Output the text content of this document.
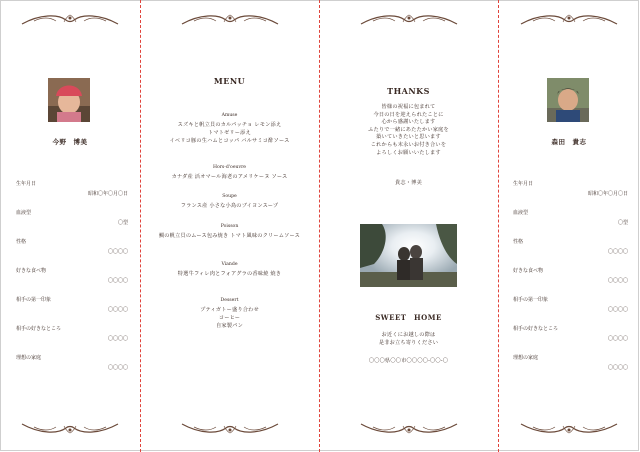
今野　博美
生年月日
昭和〇年〇月〇日
血液型
〇型
性格
〇〇〇〇
好きな食べ物
〇〇〇〇
相手の第一印象
〇〇〇〇
相手の好きなところ
〇〇〇〇
理想の家庭
〇〇〇〇
MENU
Amuse
スズキと帆立貝のカルパッチョ レモン添え
トマトゼリー添え
イベリコ豚の生ハムとコッパ バルサミコ酢ソース
Hors-d'oeuvre
カナダ産 活オマール海老のアメリケーヌ ソース
Soupe
フランス産 小さな小鳥のブイヨンスープ
Poisson
鯛の帆立貝のムース包み焼き トマト風味のクリームソース
Viande
特選牛フィレ肉とフォアグラの香味焼 焼き
Dessert
プティガトー盛り合わせ
コーヒー
自家製パン
THANKS
皆様の祝福に包まれて
今日の日を迎えられたことに
心から感謝いたします
ふたりで一緒にあたたかい家庭を
築いていきたいと思います
これからも末永いお付き合いを
よろしくお願いいたします
貴志・博美
SWEET　HOME
お近くにお越しの際は
是非お立ち寄りください
〇〇〇県〇〇市〇〇〇〇-〇〇-〇
森田　貴志
生年月日
昭和〇年〇月〇日
血液型
〇型
性格
〇〇〇〇
好きな食べ物
〇〇〇〇
相手の第一印象
〇〇〇〇
相手の好きなところ
〇〇〇〇
理想の家庭
〇〇〇〇
